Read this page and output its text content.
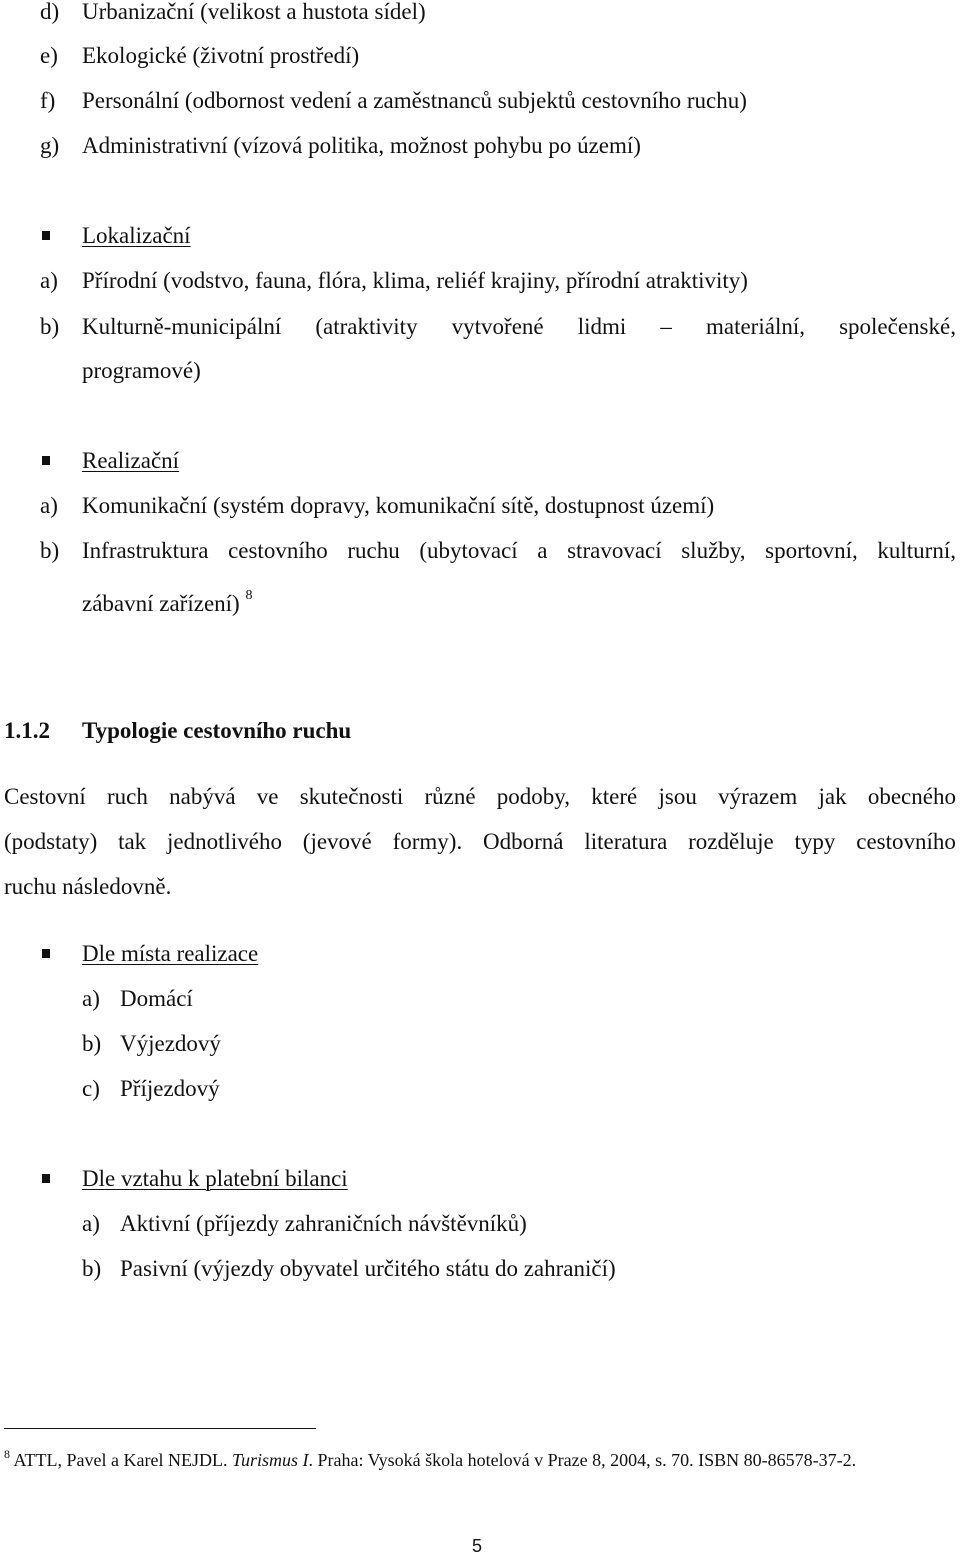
d) Urbanizační (velikost a hustota sídel)
e) Ekologické (životní prostředí)
f) Personální (odbornost vedení a zaměstnanců subjektů cestovního ruchu)
g) Administrativní (vízová politika, možnost pohybu po území)
Lokalizační
a) Přírodní (vodstvo, fauna, flóra, klima, reliéf krajiny, přírodní atraktivity)
b) Kulturně-municipální (atraktivity vytvořené lidmi – materiální, společenské,
programové)
Realizační
a) Komunikační (systém dopravy, komunikační sítě, dostupnost území)
b) Infrastruktura cestovního ruchu (ubytovací a stravovací služby, sportovní, kulturní,
zábavní zařízení) $^8$
1.1.2 Typologie cestovního ruchu
Cestovní ruch nabývá ve skutečnosti různé podoby, které jsou výrazem jak obecného
(podstaty) tak jednotlivého (jevové formy). Odborná literatura rozděluje typy cestovního
ruchu následovně.
Dle místa realizace
a) Domácí
b) Výjezdový
c) Příjezdový
Dle vztahu k platební bilanci
a) Aktivní (příjezdy zahraničních návštěvníků)
b) Pasivní (výjezdy obyvatel určitého státu do zahraničí)
$^8$ ATTL, Pavel a Karel NEJDL. Turismus I. Praha: Vysoká škola hotelová v Praze 8, 2004, s. 70. ISBN 80-86578-37-2.
5
